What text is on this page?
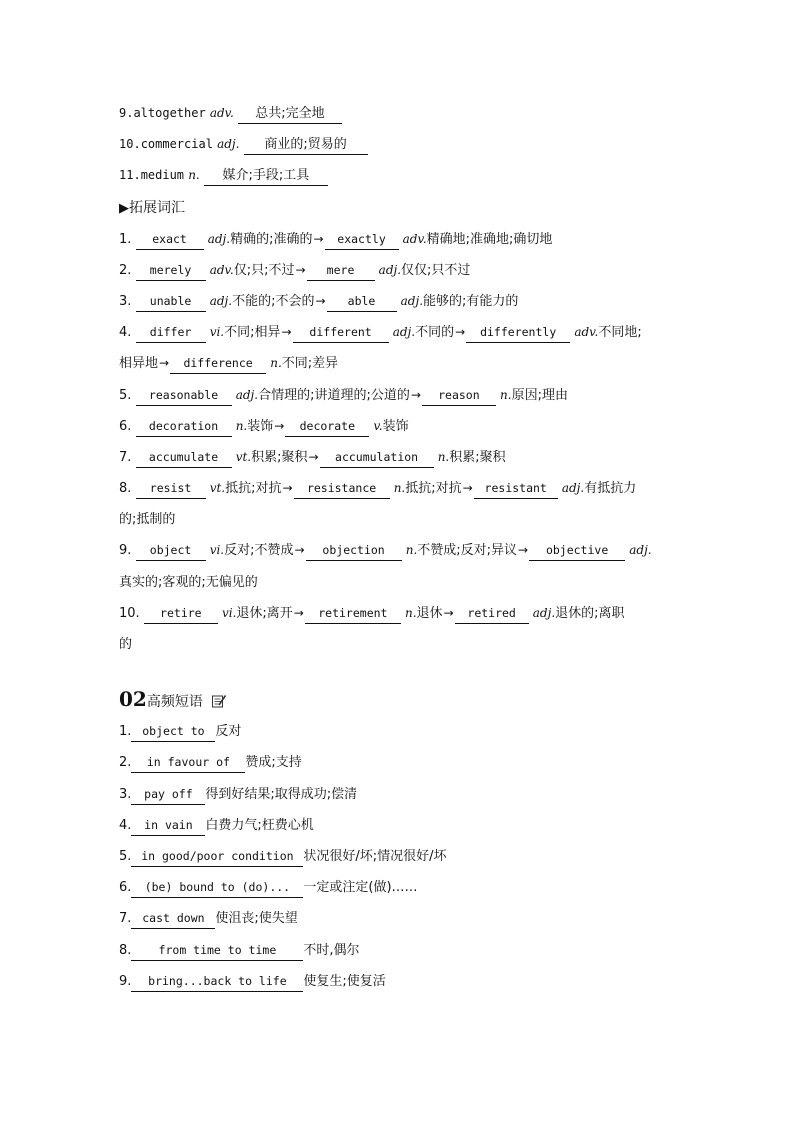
9.altogether adv. 总共;完全地
10.commercial adj. 商业的;贸易的
11.medium n. 媒介;手段;工具
▶拓展词汇
1. exact adj.精确的;准确的→ exactly adv.精确地;准确地;确切地
2. merely adv.仅;只;不过→ mere adj.仅仅;只不过
3. unable adj.不能的;不会的→ able adj.能够的;有能力的
4. differ vi.不同;相异→ different adj.不同的→ differently adv.不同地;
相异地→ difference n.不同;差异
5. reasonable adj.合情理的;讲道理的;公道的→ reason n.原因;理由
6. decoration n.装饰→ decorate v.装饰
7. accumulate vt.积累;聚积→ accumulation n.积累;聚积
8. resist vt.抵抗;对抗→ resistance n.抵抗;对抗→ resistant adj.有抵抗力
的;抵制的
9. object vi.反对;不赞成→ objection n.不赞成;反对;异议→ objective adj.
真实的;客观的;无偏见的
10. retire vi.退休;离开→ retirement n.退休→ retired adj.退休的;离职
的
02高频短语
1. object to 反对
2. in favour of 赞成;支持
3. pay off 得到好结果;取得成功;偿清
4. in vain 白费力气;枉费心机
5. in good/poor condition 状况很好/坏;情况很好/坏
6. (be) bound to (do)... 一定或注定(做)……
7. cast down 使沮丧;使失望
8. from time to time 不时,偶尔
9. bring...back to life 使复生;使复活
